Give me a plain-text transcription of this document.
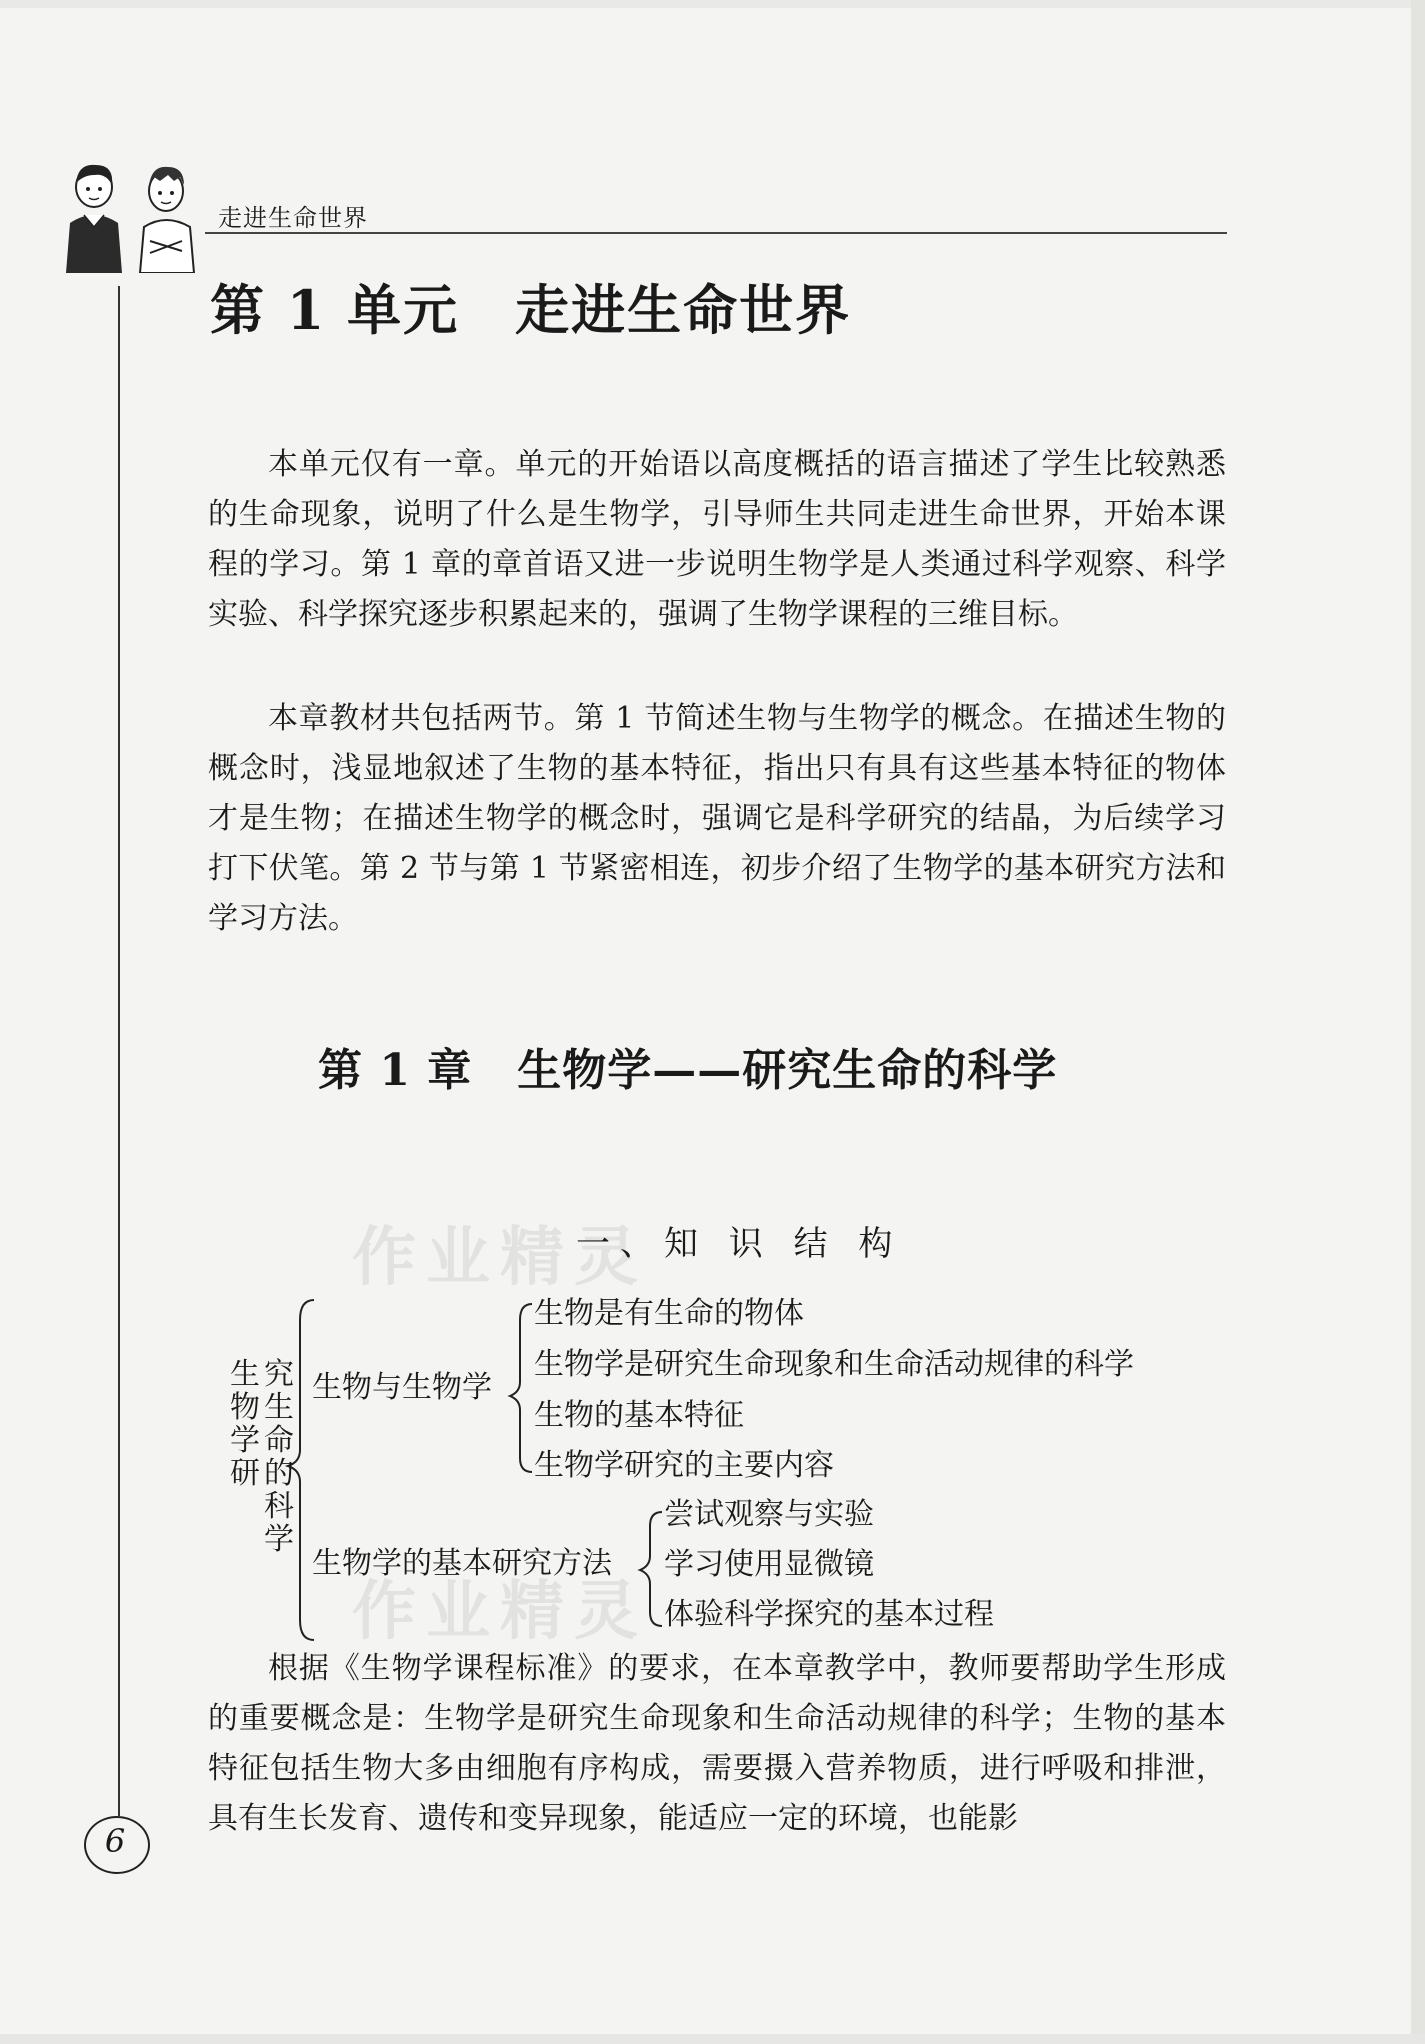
走进生命世界
第 1 单元　走进生命世界

本单元仅有一章。单元的开始语以高度概括的语言描述了学生比较熟悉的生命现象，说明了什么是生物学，引导师生共同走进生命世界，开始本课程的学习。第 1 章的章首语又进一步说明生物学是人类通过科学观察、科学实验、科学探究逐步积累起来的，强调了生物学课程的三维目标。

本章教材共包括两节。第 1 节简述生物与生物学的概念。在描述生物的概念时，浅显地叙述了生物的基本特征，指出只有具有这些基本特征的物体才是生物；在描述生物学的概念时，强调它是科学研究的结晶，为后续学习打下伏笔。第 2 节与第 1 节紧密相连，初步介绍了生物学的基本研究方法和学习方法。

第 1 章　生物学——研究生命的科学
作业精灵
作业精灵
一、知 识 结 构
究生命的科学
生物学研
生物与生物学
生物是有生命的物体
生物学是研究生命现象和生命活动规律的科学
生物的基本特征
生物学研究的主要内容
生物学的基本研究方法
尝试观察与实验
学习使用显微镜
体验科学探究的基本过程

根据《生物学课程标准》的要求，在本章教学中，教师要帮助学生形成的重要概念是：生物学是研究生命现象和生命活动规律的科学；生物的基本特征包括生物大多由细胞有序构成，需要摄入营养物质，进行呼吸和排泄，具有生长发育、遗传和变异现象，能适应一定的环境，也能影

6
